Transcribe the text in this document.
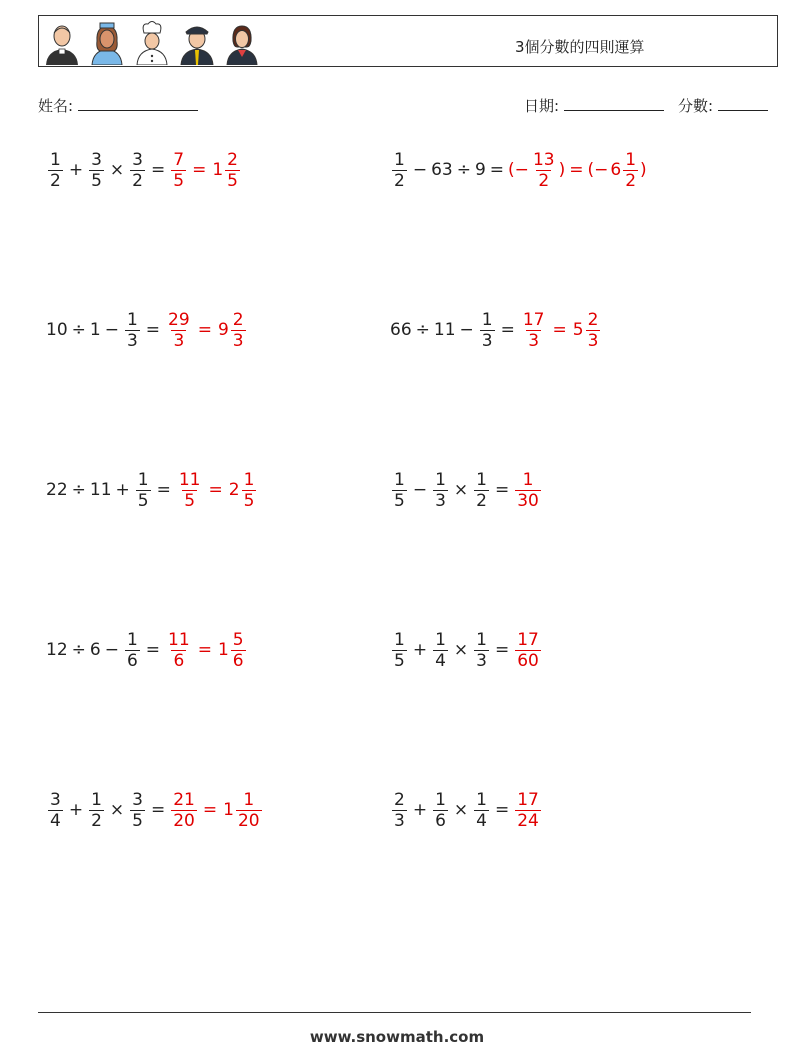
3個分數的四則運算
姓名:	日期:	分數:
$\frac{1}{2} + \frac{3}{5} \times \frac{3}{2} = \frac{7}{5} = 1 \frac{2}{5}$	$\frac{1}{2} - 63 \div 9$ = (− $\frac{13}{2}$ ) = (− $6 \frac{1}{2}$ )
$10 \div 1 - \frac{1}{3} = \frac{29}{3} = 9 \frac{2}{3}$	$66 \div 11 - \frac{1}{3} = \frac{17}{3} = 5 \frac{2}{3}$
$22 \div 11 + \frac{1}{5} = \frac{11}{5} = 2 \frac{1}{5}$	$\frac{1}{5} - \frac{1}{3} \times \frac{1}{2} = \frac{1}{30}$
$12 \div 6 - \frac{1}{6} = \frac{11}{6} = 1 \frac{5}{6}$	$\frac{1}{5} + \frac{1}{4} \times \frac{1}{3} = \frac{17}{60}$
$\frac{3}{4} + \frac{1}{2} \times \frac{3}{5} = \frac{21}{20} = 1 \frac{1}{20}$	$\frac{2}{3} + \frac{1}{6} \times \frac{1}{4} = \frac{17}{24}$
www.snowmath.com
